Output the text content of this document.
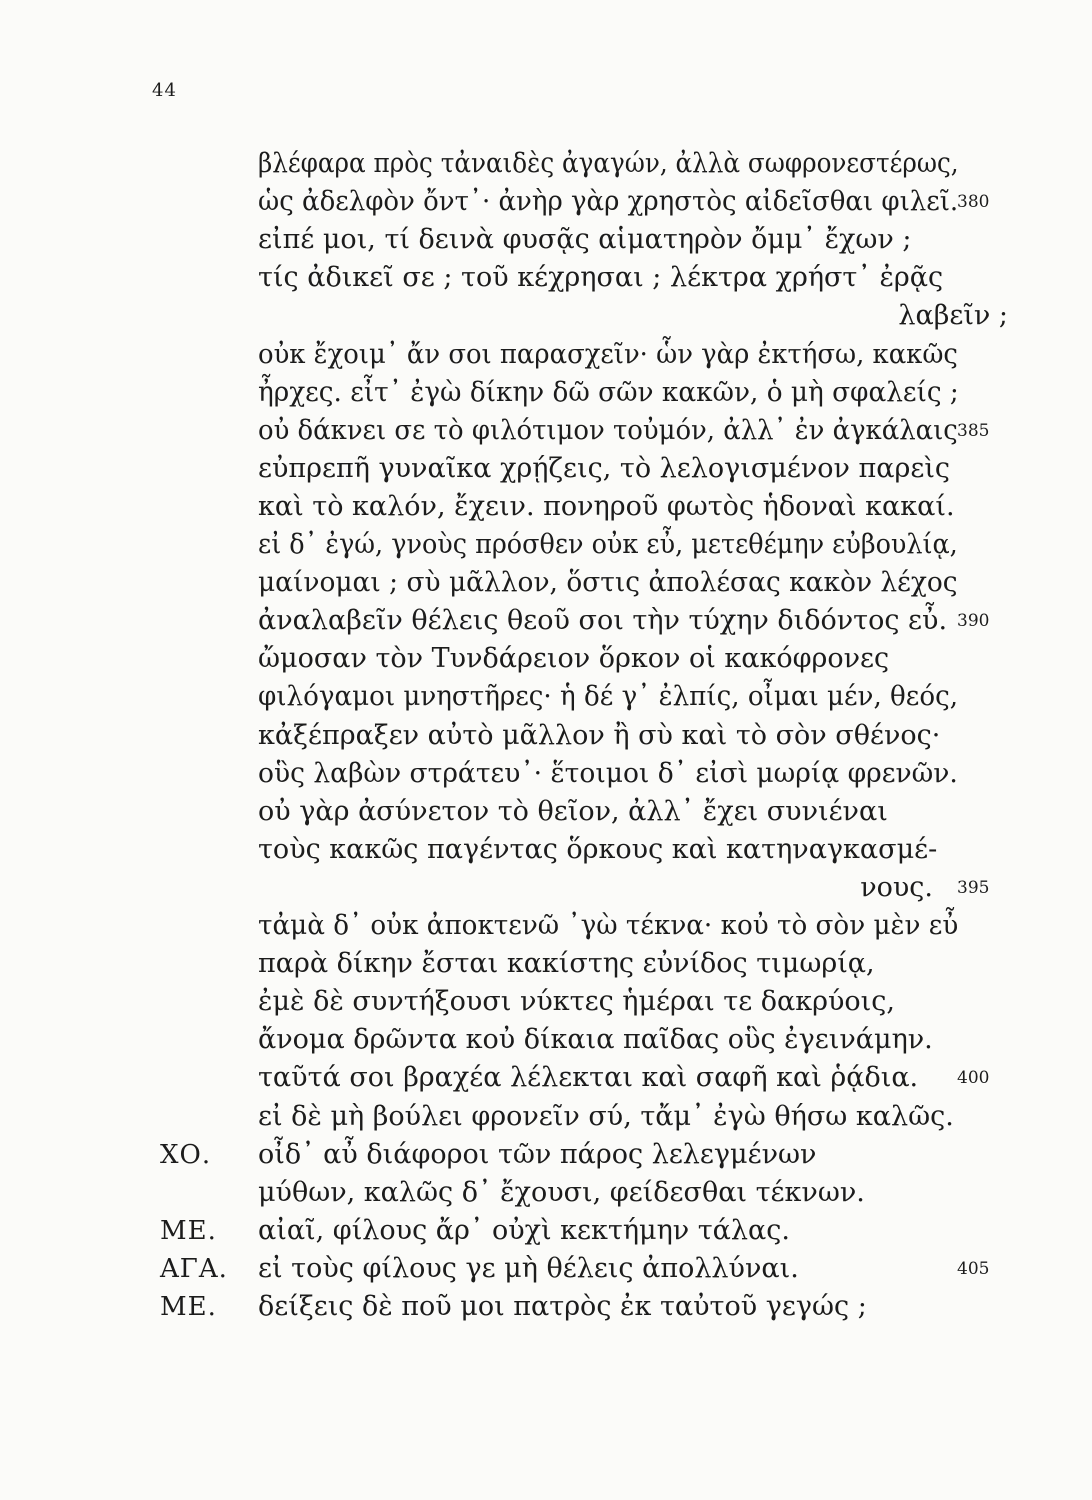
44
βλέφαρα πρὸς τἀναιδὲς ἀγαγών, ἀλλὰ σωφρονεστέρως,
ὡς ἀδελφὸν ὄντ᾽· ἀνὴρ γὰρ χρηστὸς αἰδεῖσθαι φιλεῖ.
380
εἰπέ μοι, τί δεινὰ φυσᾷς αἱματηρὸν ὄμμ᾽ ἔχων ;
τίς ἀδικεῖ σε ; τοῦ κέχρησαι ; λέκτρα χρήστ᾽ ἐρᾷς
λαβεῖν ;
οὐκ ἔχοιμ᾽ ἄν σοι παρασχεῖν· ὧν γὰρ ἐκτήσω, κακῶς
ἦρχες. εἶτ᾽ ἐγὼ δίκην δῶ σῶν κακῶν, ὁ μὴ σφαλείς ;
οὐ δάκνει σε τὸ φιλότιμον τοὐμόν, ἀλλ᾽ ἐν ἀγκάλαις 385
εὐπρεπῆ γυναῖκα χρῄζεις, τὸ λελογισμένον παρεὶς
καὶ τὸ καλόν, ἔχειν. πονηροῦ φωτὸς ἡδοναὶ κακαί.
εἰ δ᾽ ἐγώ, γνοὺς πρόσθεν οὐκ εὖ, μετεθέμην εὐβουλίᾳ,
μαίνομαι ; σὺ μᾶλλον, ὅστις ἀπολέσας κακὸν λέχος
ἀναλαβεῖν θέλεις θεοῦ σοι τὴν τύχην διδόντος εὖ. 390
ὤμοσαν τὸν Τυνδάρειον ὅρκον οἱ κακόφρονες
φιλόγαμοι μνηστῆρες· ἡ δέ γ᾽ ἐλπίς, οἶμαι μέν, θεός,
κἀξέπραξεν αὐτὸ μᾶλλον ἢ σὺ καὶ τὸ σὸν σθένος·
οὓς λαβὼν στράτευ᾽· ἕτοιμοι δ᾽ εἰσὶ μωρίᾳ φρενῶν.
οὐ γὰρ ἀσύνετον τὸ θεῖον, ἀλλ᾽ ἔχει συνιέναι
τοὺς κακῶς παγέντας ὅρκους καὶ κατηναγκασμέ-
νους. 395
τἀμὰ δ᾽ οὐκ ἀποκτενῶ ᾽γὼ τέκνα· κοὐ τὸ σὸν μὲν εὖ
παρὰ δίκην ἔσται κακίστης εὐνίδος τιμωρίᾳ,
ἐμὲ δὲ συντήξουσι νύκτες ἡμέραι τε δακρύοις,
ἄνομα δρῶντα κοὐ δίκαια παῖδας οὓς ἐγεινάμην.
ταῦτά σοι βραχέα λέλεκται καὶ σαφῆ καὶ ῥᾴδια.	400
εἰ δὲ μὴ βούλει φρονεῖν σύ, τἄμ᾽ ἐγὼ θήσω καλῶς.
οἶδ᾽ αὖ διάφοροι τῶν πάρος λελεγμένων
ΧΟ.
μύθων, καλῶς δ᾽ ἔχουσι, φείδεσθαι τέκνων.
αἰαῖ, φίλους ἄρ᾽ οὐχὶ κεκτήμην τάλας.
ΜΕ.
εἰ τοὺς φίλους γε μὴ θέλεις ἀπολλύναι.
ΑΓΑ.	405
δείξεις δὲ ποῦ μοι πατρὸς ἐκ ταὐτοῦ γεγώς ;
ΜΕ.
